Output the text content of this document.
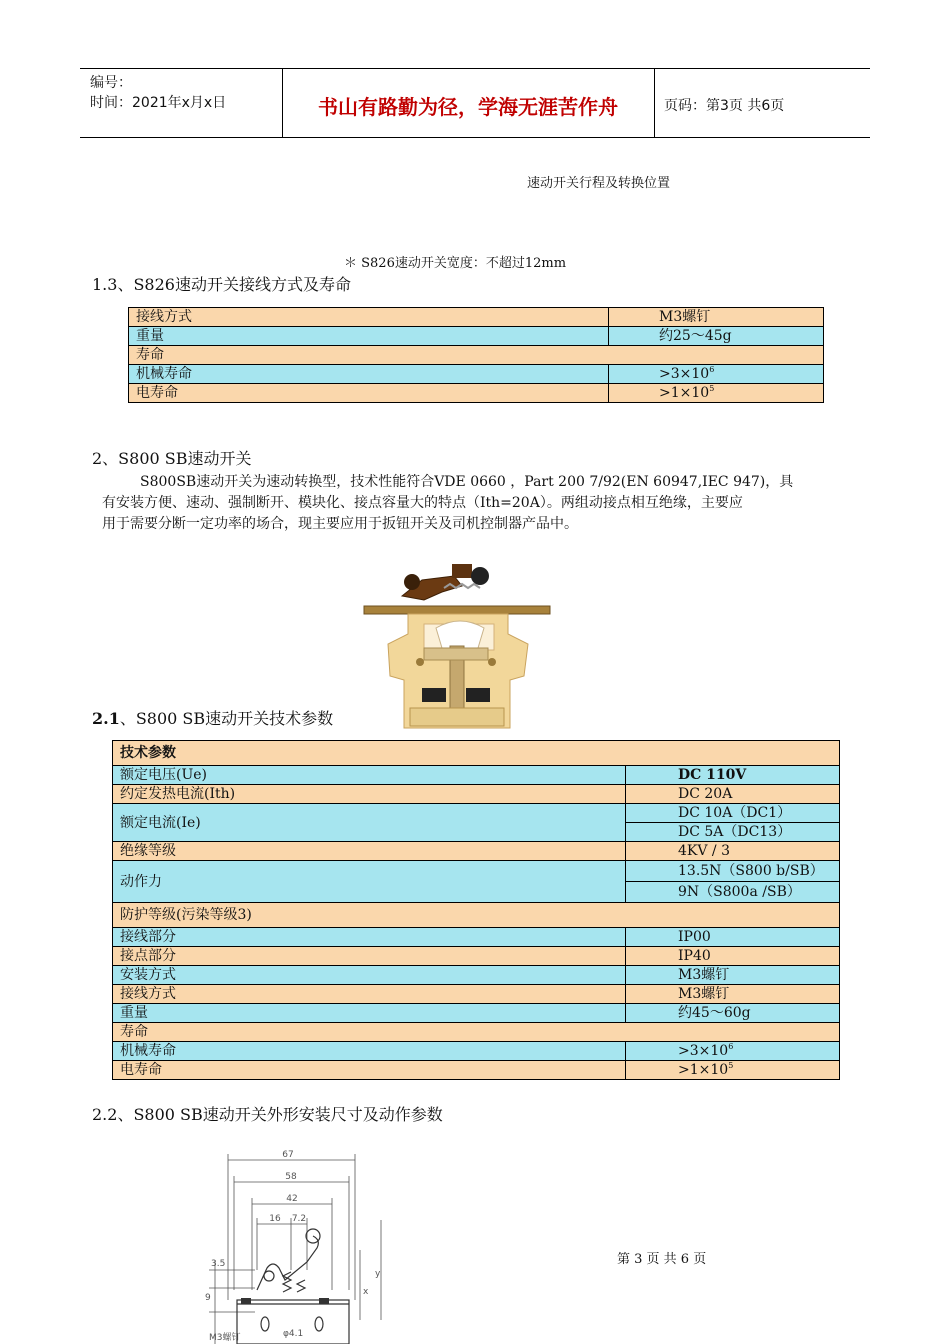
编号：
时间：2021年x月x日	书山有路勤为径，学海无涯苦作舟	页码：第3页 共6页
速动开关行程及转换位置
＊ S826速动开关宽度：不超过12mm
1.3、S826速动开关接线方式及寿命
接线方式	M3螺钉
重量	约25～45g
寿命	
机械寿命	$>3\times 10^6$
电寿命	$>1\times 10^5$
2、S800 SB速动开关
S800SB速动开关为速动转换型，技术性能符合VDE 0660 ，Part 200 7/92(EN 60947,IEC 947)，具
有安装方便、速动、强制断开、模块化、接点容量大的特点（Ith=20A）。两组动接点相互绝缘，主要应
用于需要分断一定功率的场合，现主要应用于扳钮开关及司机控制器产品中。
2.1、S800 SB速动开关技术参数
技术参数	
额定电压(Ue)	DC 110V
约定发热电流(Ith)	DC 20A
额定电流(Ie)	DC 10A（DC1）
	DC 5A（DC13）
绝缘等级	4KV / 3
动作力	13.5N（S800 b/SB）
	9N（S800a /SB）
防护等级(污染等级3)	
接线部分	IP00
接点部分	IP40
安装方式	M3螺钉
接线方式	M3螺钉
重量	约45～60g
寿命	
机械寿命	$>3\times 10^6$
电寿命	$>1\times 10^5$
2.2、S800 SB速动开关外形安装尺寸及动作参数
67
58
42
16 7.2
3.5
9
φ4.1
M3螺钉
x
y
第 3 页 共 6 页
